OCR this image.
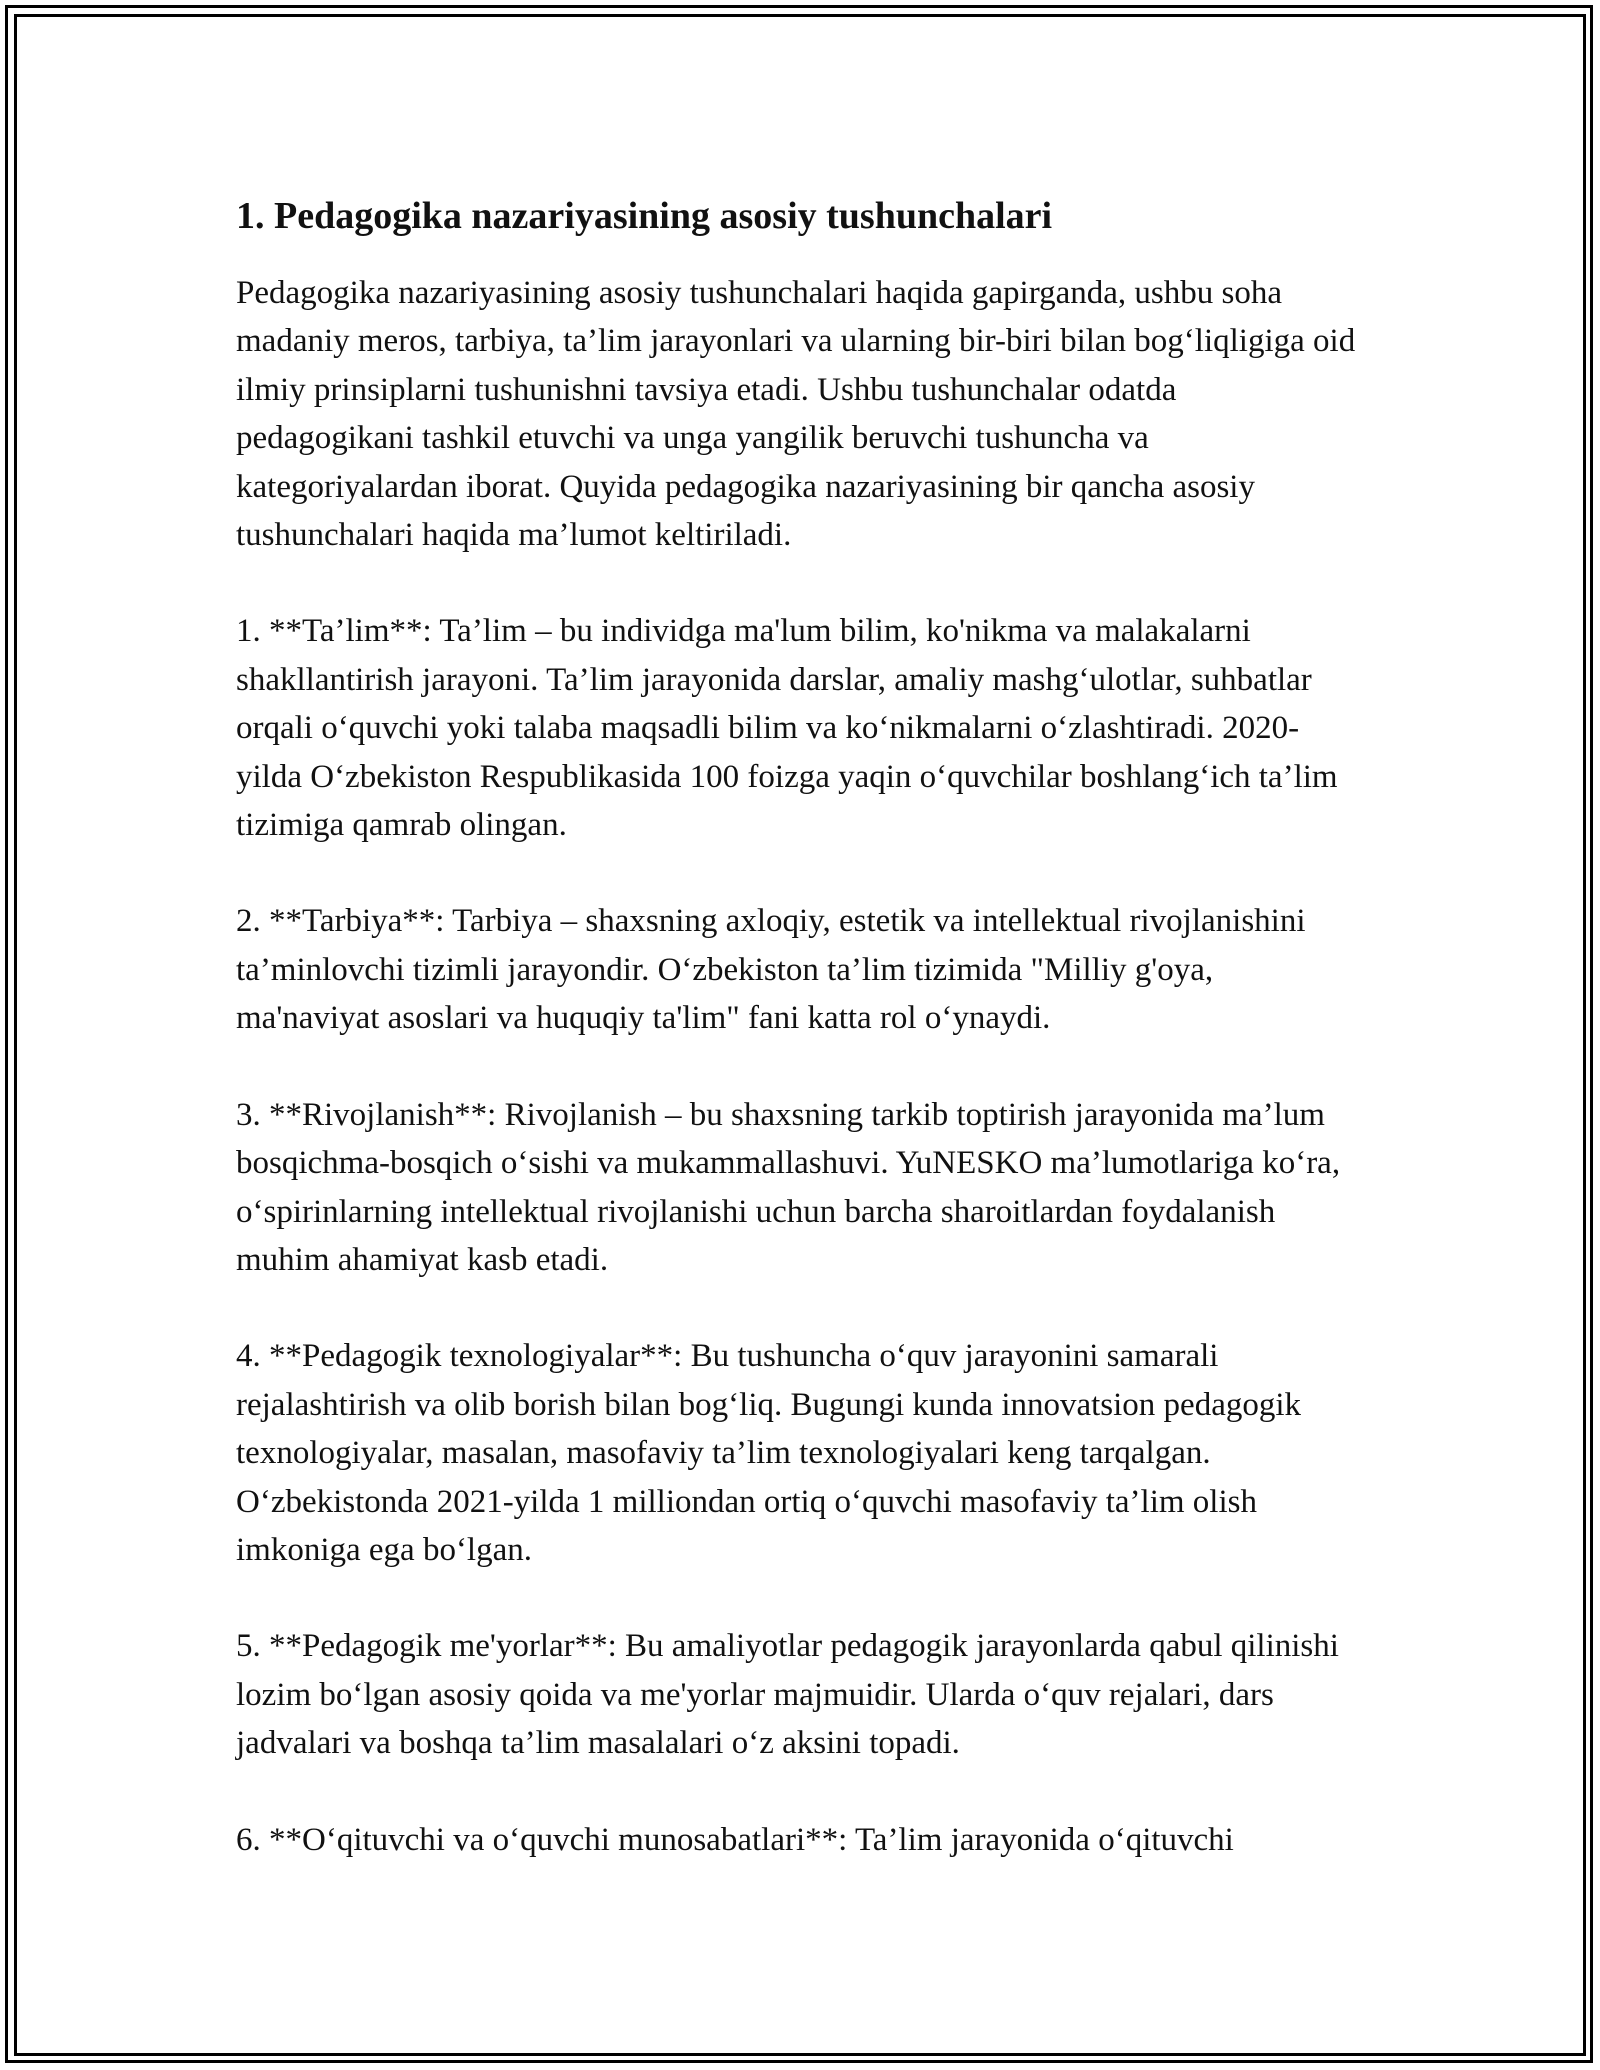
1. Pedagogika nazariyasining asosiy tushunchalari

Pedagogika nazariyasining asosiy tushunchalari haqida gapirganda, ushbu soha madaniy meros, tarbiya, ta’lim jarayonlari va ularning bir-biri bilan bog‘liqligiga oid ilmiy prinsiplarni tushunishni tavsiya etadi. Ushbu tushunchalar odatda pedagogikani tashkil etuvchi va unga yangilik beruvchi tushuncha va kategoriyalardan iborat. Quyida pedagogika nazariyasining bir qancha asosiy tushunchalari haqida ma’lumot keltiriladi.

1. **Ta’lim**: Ta’lim – bu individga ma'lum bilim, ko'nikma va malakalarni shakllantirish jarayoni. Ta’lim jarayonida darslar, amaliy mashg‘ulotlar, suhbatlar orqali o‘quvchi yoki talaba maqsadli bilim va ko‘nikmalarni o‘zlashtiradi. 2020-yilda O‘zbekiston Respublikasida 100 foizga yaqin o‘quvchilar boshlang‘ich ta’lim tizimiga qamrab olingan.

2. **Tarbiya**: Tarbiya – shaxsning axloqiy, estetik va intellektual rivojlanishini ta’minlovchi tizimli jarayondir. O‘zbekiston ta’lim tizimida "Milliy g'oya, ma'naviyat asoslari va huquqiy ta'lim" fani katta rol o‘ynaydi.

3. **Rivojlanish**: Rivojlanish – bu shaxsning tarkib toptirish jarayonida ma’lum bosqichma-bosqich o‘sishi va mukammallashuvi. YuNESKO ma’lumotlariga ko‘ra, o‘spirinlarning intellektual rivojlanishi uchun barcha sharoitlardan foydalanish muhim ahamiyat kasb etadi.

4. **Pedagogik texnologiyalar**: Bu tushuncha o‘quv jarayonini samarali rejalashtirish va olib borish bilan bog‘liq. Bugungi kunda innovatsion pedagogik texnologiyalar, masalan, masofaviy ta’lim texnologiyalari keng tarqalgan. O‘zbekistonda 2021-yilda 1 milliondan ortiq o‘quvchi masofaviy ta’lim olish imkoniga ega bo‘lgan.

5. **Pedagogik me'yorlar**: Bu amaliyotlar pedagogik jarayonlarda qabul qilinishi lozim bo‘lgan asosiy qoida va me'yorlar majmuidir. Ularda o‘quv rejalari, dars jadvalari va boshqa ta’lim masalalari o‘z aksini topadi.

6. **O‘qituvchi va o‘quvchi munosabatlari**: Ta’lim jarayonida o‘qituvchi
